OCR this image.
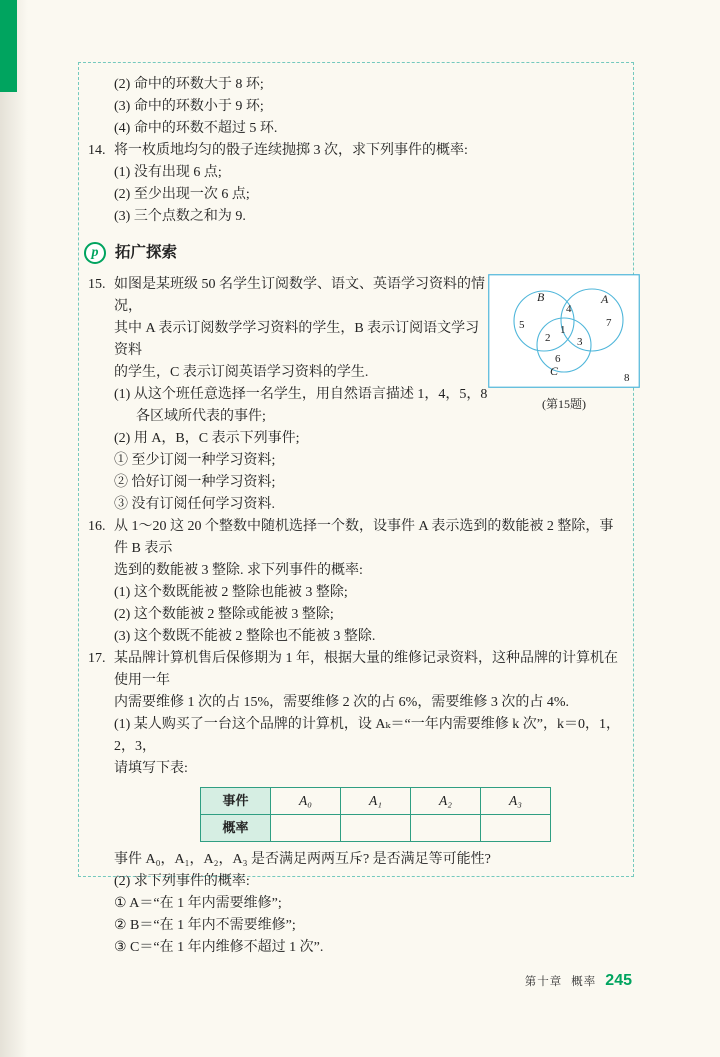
(2) 命中的环数大于 8 环;
(3) 命中的环数小于 9 环;
(4) 命中的环数不超过 5 环.
14. 将一枚质地均匀的骰子连续抛掷 3 次，求下列事件的概率:
(1) 没有出现 6 点;
(2) 至少出现一次 6 点;
(3) 三个点数之和为 9.
p	拓广探索
15. 如图是某班级 50 名学生订阅数学、语文、英语学习资料的情况，
其中 A 表示订阅数学学习资料的学生，B 表示订阅语文学习资料
的学生，C 表示订阅英语学习资料的学生.
(1) 从这个班任意选择一名学生，用自然语言描述 1，4，5，8
各区域所代表的事件;
(2) 用 A，B，C 表示下列事件;
B	A
C
5
4
7
2
1
3
6
8
(第15题)
① 至少订阅一种学习资料;
② 恰好订阅一种学习资料;
③ 没有订阅任何学习资料.
16. 从 1～20 这 20 个整数中随机选择一个数，设事件 A 表示选到的数能被 2 整除，事件 B 表示
选到的数能被 3 整除. 求下列事件的概率:
(1) 这个数既能被 2 整除也能被 3 整除;
(2) 这个数能被 2 整除或能被 3 整除;
(3) 这个数既不能被 2 整除也不能被 3 整除.
17. 某品牌计算机售后保修期为 1 年，根据大量的维修记录资料，这种品牌的计算机在使用一年
内需要维修 1 次的占 15%，需要维修 2 次的占 6%，需要维修 3 次的占 4%.
(1) 某人购买了一台这个品牌的计算机，设 Aₖ＝“一年内需要维修 k 次”，k＝0，1，2，3，
请填写下表:
事件	A₀	A₁	A₂	A₃
概率				
事件 A₀，A₁，A₂，A₃ 是否满足两两互斥? 是否满足等可能性?
(2) 求下列事件的概率:
① A＝“在 1 年内需要维修”;
② B＝“在 1 年内不需要维修”;
③ C＝“在 1 年内维修不超过 1 次”.
第十章 概率 245
